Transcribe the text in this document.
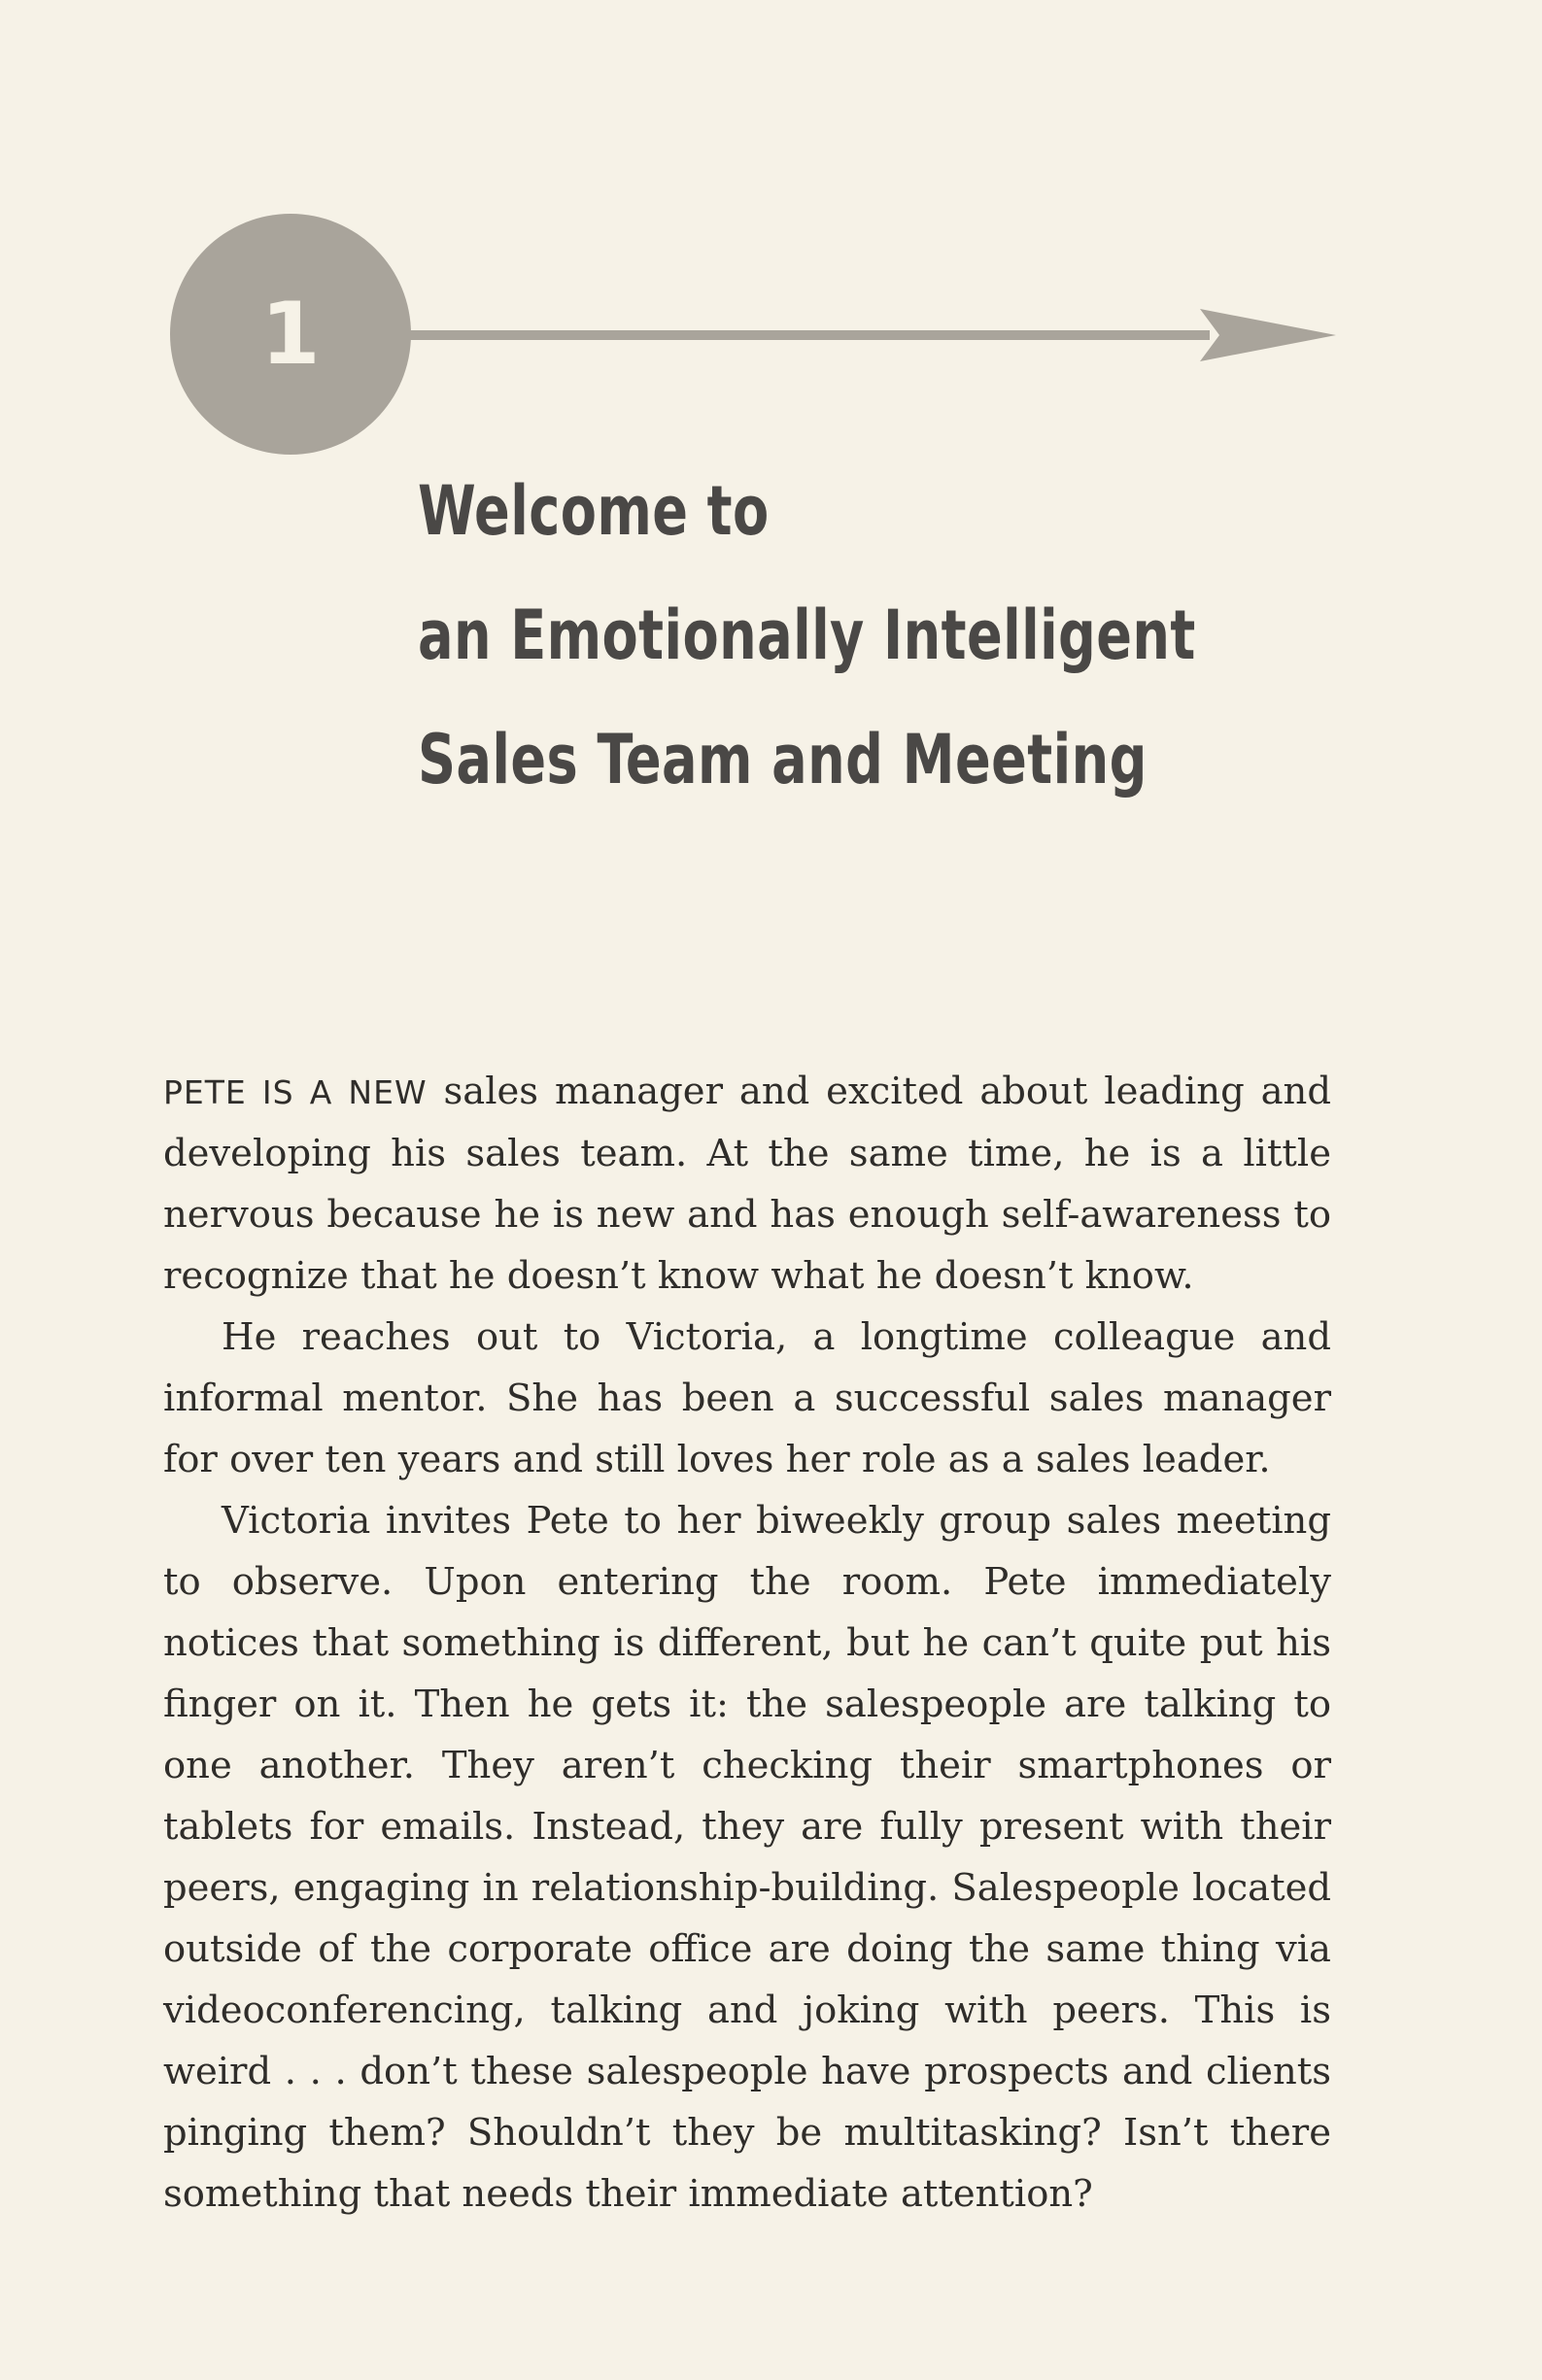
1
Welcome to
an Emotionally Intelligent
Sales Team and Meeting

PETE IS A NEW sales manager and excited about leading and developing his sales team. At the same time, he is a little nervous because he is new and has enough self-awareness to recognize that he doesn’t know what he doesn’t know.

He reaches out to Victoria, a longtime colleague and informal mentor. She has been a successful sales manager for over ten years and still loves her role as a sales leader.

Victoria invites Pete to her biweekly group sales meeting to observe. Upon entering the room. Pete immediately notices that something is different, but he can’t quite put his finger on it. Then he gets it: the salespeople are talking to one another. They aren’t checking their smartphones or tablets for emails. Instead, they are fully present with their peers, engaging in relationship-building. Salespeople located outside of the corporate office are doing the same thing via videoconferencing, talking and joking with peers. This is weird . . . don’t these salespeople have prospects and clients pinging them? Shouldn’t they be multitasking? Isn’t there something that needs their immediate attention?
